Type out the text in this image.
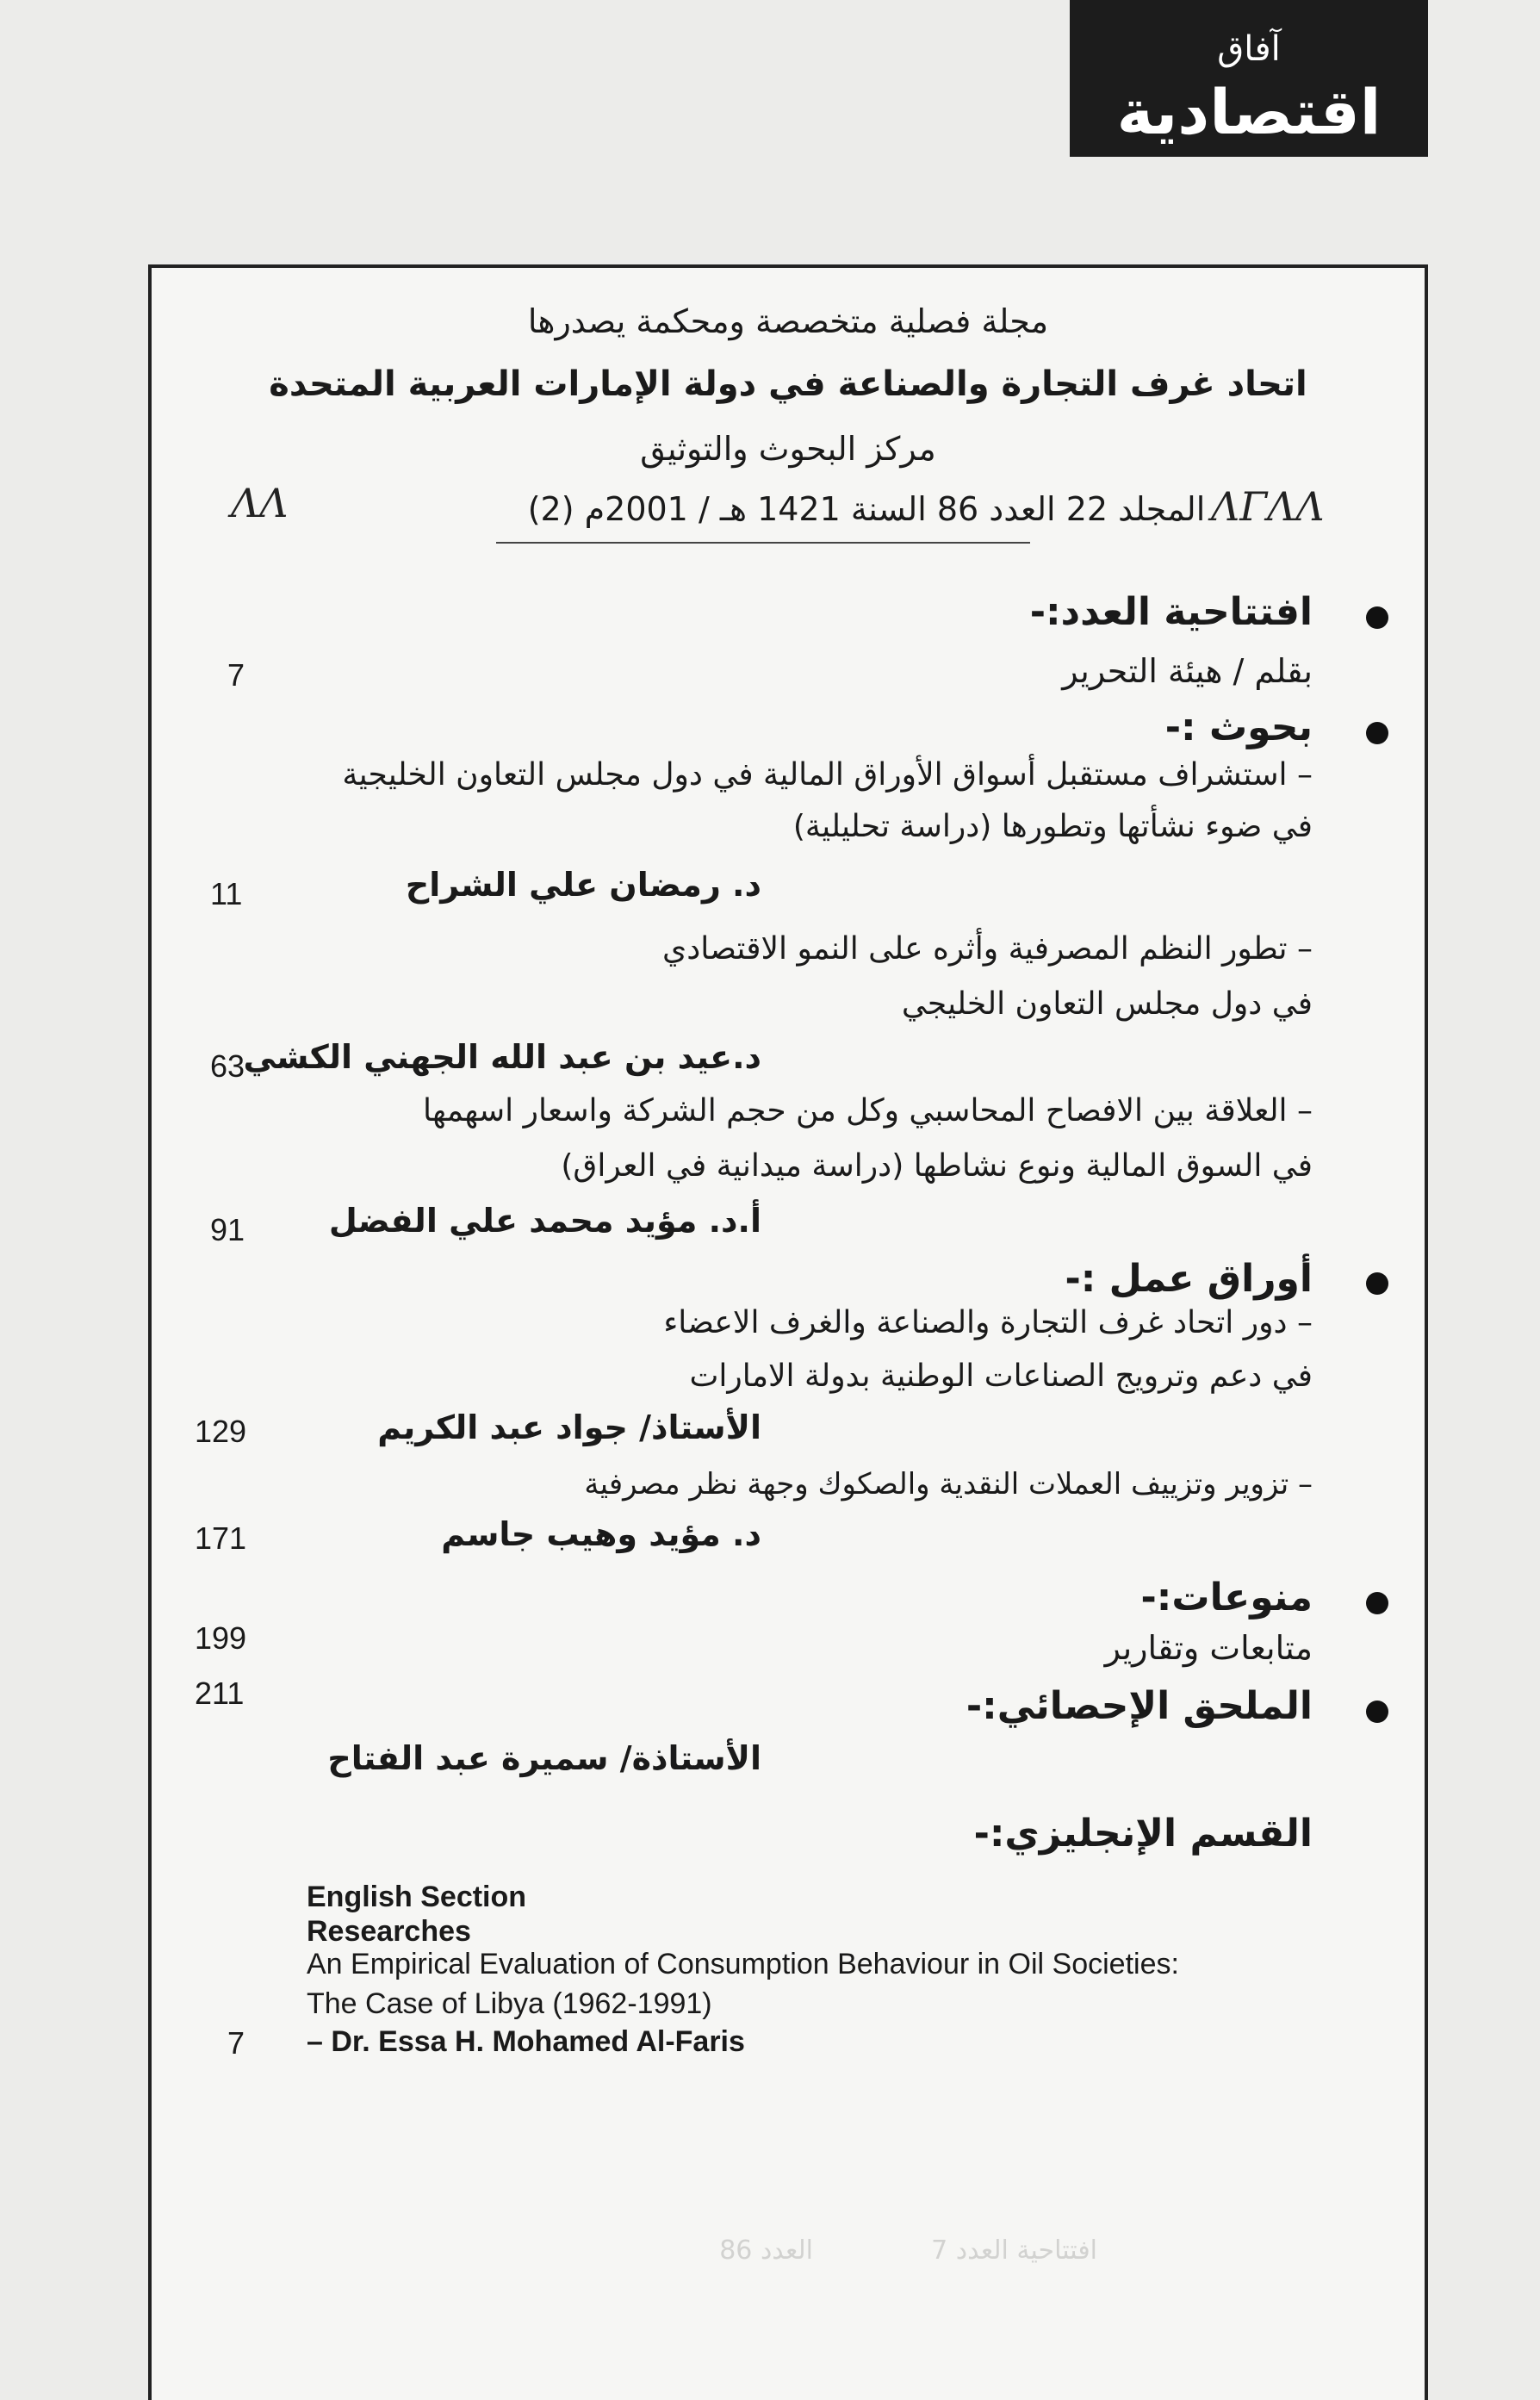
آفاق
اقتصادية
مجلة فصلية متخصصة ومحكمة يصدرها
اتحاد غرف التجارة والصناعة في دولة الإمارات العربية المتحدة
مركز البحوث والتوثيق
المجلد 22 العدد 86 السنة 1421 هـ / 2001م (2)
ΛΛ	ΛΓΛΛ
افتتاحية العدد:-
بقلم / هيئة التحرير
7
بحوث :-
– استشراف مستقبل أسواق الأوراق المالية في دول مجلس التعاون الخليجية
في ضوء نشأتها وتطورها (دراسة تحليلية)
د. رمضان علي الشراح
11
– تطور النظم المصرفية وأثره على النمو الاقتصادي
في دول مجلس التعاون الخليجي
د.عيد بن عبد الله الجهني الكشي
63
– العلاقة بين الافصاح المحاسبي وكل من حجم الشركة واسعار اسهمها
في السوق المالية ونوع نشاطها (دراسة ميدانية في العراق)
أ.د. مؤيد محمد علي الفضل
91
أوراق عمل :-
– دور اتحاد غرف التجارة والصناعة والغرف الاعضاء
في دعم وترويج الصناعات الوطنية بدولة الامارات
الأستاذ/ جواد عبد الكريم
129
– تزوير وتزييف العملات النقدية والصكوك وجهة نظر مصرفية
د. مؤيد وهيب جاسم
171
منوعات:-
متابعات وتقارير
199
الملحق الإحصائي:-
211
الأستاذة/ سميرة عبد الفتاح
القسم الإنجليزي:-
English Section
Researches
An Empirical Evaluation of Consumption Behaviour in Oil Societies:
The Case of Libya (1962-1991)
– Dr. Essa H. Mohamed Al-Faris
7
افتتاحية العدد 7
العدد 86
